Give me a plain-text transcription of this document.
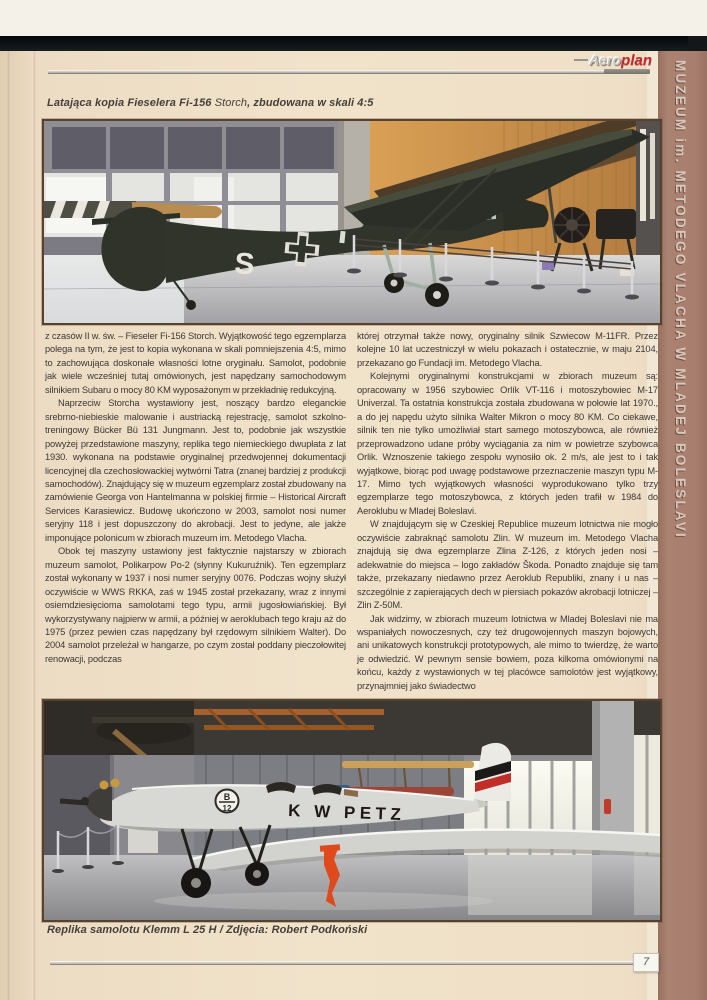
MUZEUM im. METODEGO VLACHA W MLADEJ BOLESLAVI
Aeroplan
Latająca kopia Fieselera Fi-156 Storch, zbudowana w skali 4:5
S

z czasów II w. św. – Fieseler Fi-156 Storch. Wyjątkowość tego egzemplarza polega na tym, że jest to kopia wykonana w skali pomniejszenia 4:5, mimo to zachowująca doskonałe własności lotne oryginału. Samolot, podobnie jak wiele wcześniej tutaj omówionych, jest napędzany samochodowym silnikiem Subaru o mocy 80 KM wyposażonym w przekładnię redukcyjną.

Naprzeciw Storcha wystawiony jest, noszący bardzo eleganckie srebrno-niebieskie malowanie i austriacką rejestrację, samolot szkolno-treningowy Bücker Bü 131 Jungmann. Jest to, podobnie jak wszystkie powyżej przedstawione maszyny, replika tego niemieckiego dwupłata z lat 1930. wykonana na podstawie oryginalnej przedwojennej dokumentacji licencyjnej dla czechosłowackiej wytwórni Tatra (znanej bardziej z produkcji samochodów). Znajdujący się w muzeum egzemplarz został zbudowany na zamówienie Georga von Hantelmanna w polskiej firmie – Historical Aircraft Services Karasiewicz. Budowę ukończono w 2003, samolot nosi numer seryjny 118 i jest dopuszczony do akrobacji. Jest to jedyne, ale jakże imponujące polonicum w zbiorach muzeum im. Metodego Vlacha.

Obok tej maszyny ustawiony jest faktycznie najstarszy w zbiorach muzeum samolot, Polikarpow Po-2 (słynny Kukuruźnik). Ten egzemplarz został wykonany w 1937 i nosi numer seryjny 0076. Podczas wojny służył oczywiście w WWS RKKA, zaś w 1945 został przekazany, wraz z innymi osiemdziesięcioma samolotami tego typu, armii jugosłowiańskiej. Był wykorzystywany najpierw w armii, a później w aeroklubach tego kraju aż do 1975 (przez pewien czas napędzany był rzędowym silnikiem Walter). Do 2004 samolot przeleżał w hangarze, po czym został poddany pieczołowitej renowacji, podczas

której otrzymał także nowy, oryginalny silnik Szwiecow M-11FR. Przez kolejne 10 lat uczestniczył w wielu pokazach i ostatecznie, w maju 2104, przekazano go Fundacji im. Metodego Vlacha.

Kolejnymi oryginalnymi konstrukcjami w zbiorach muzeum są: opracowany w 1956 szybowiec Orlík VT-116 i motoszybowiec M-17 Univerzal. Ta ostatnia konstrukcja została zbudowana w połowie lat 1970., a do jej napędu użyto silnika Walter Mikron o mocy 80 KM. Co ciekawe, silnik ten nie tylko umożliwiał start samego motoszybowca, ale również przeprowadzono udane próby wyciągania za nim w powietrze szybowca Orlik. Wznoszenie takiego zespołu wynosiło ok. 2 m/s, ale jest to i tak wyjątkowe, biorąc pod uwagę podstawowe przeznaczenie maszyn typu M-17. Mimo tych wyjątkowych własności wyprodukowano tylko trzy egzemplarze tego motoszybowca, z których jeden trafił w 1984 do Aeroklubu w Mladej Boleslavi.

W znajdującym się w Czeskiej Republice muzeum lotnictwa nie mogło oczywiście zabraknąć samolotu Zlin. W muzeum im. Metodego Vlacha znajdują się dwa egzemplarze Zlina Z-126, z których jeden nosi – adekwatnie do miejsca – logo zakładów Škoda. Ponadto znajduje się tam także, przekazany niedawno przez Aeroklub Republiki, znany i u nas – szczególnie z zapierających dech w piersiach pokazów akrobacji lotniczej – Zlin Z-50M.

Jak widzimy, w zbiorach muzeum lotnictwa w Mladej Boleslavi nie ma wspaniałych nowoczesnych, czy też drugowojennych maszyn bojowych, ani unikatowych konstrukcji prototypowych, ale mimo to twierdzę, że warto je odwiedzić. W pewnym sensie bowiem, poza kilkoma omówionymi na końcu, każdy z wystawionych w tej placówce samolotów jest wyjątkowy, przynajmniej jako świadectwo

B
12	K W PETZ
Replika samolotu Klemm L 25 H / Zdjęcia: Robert Podkoński
7
